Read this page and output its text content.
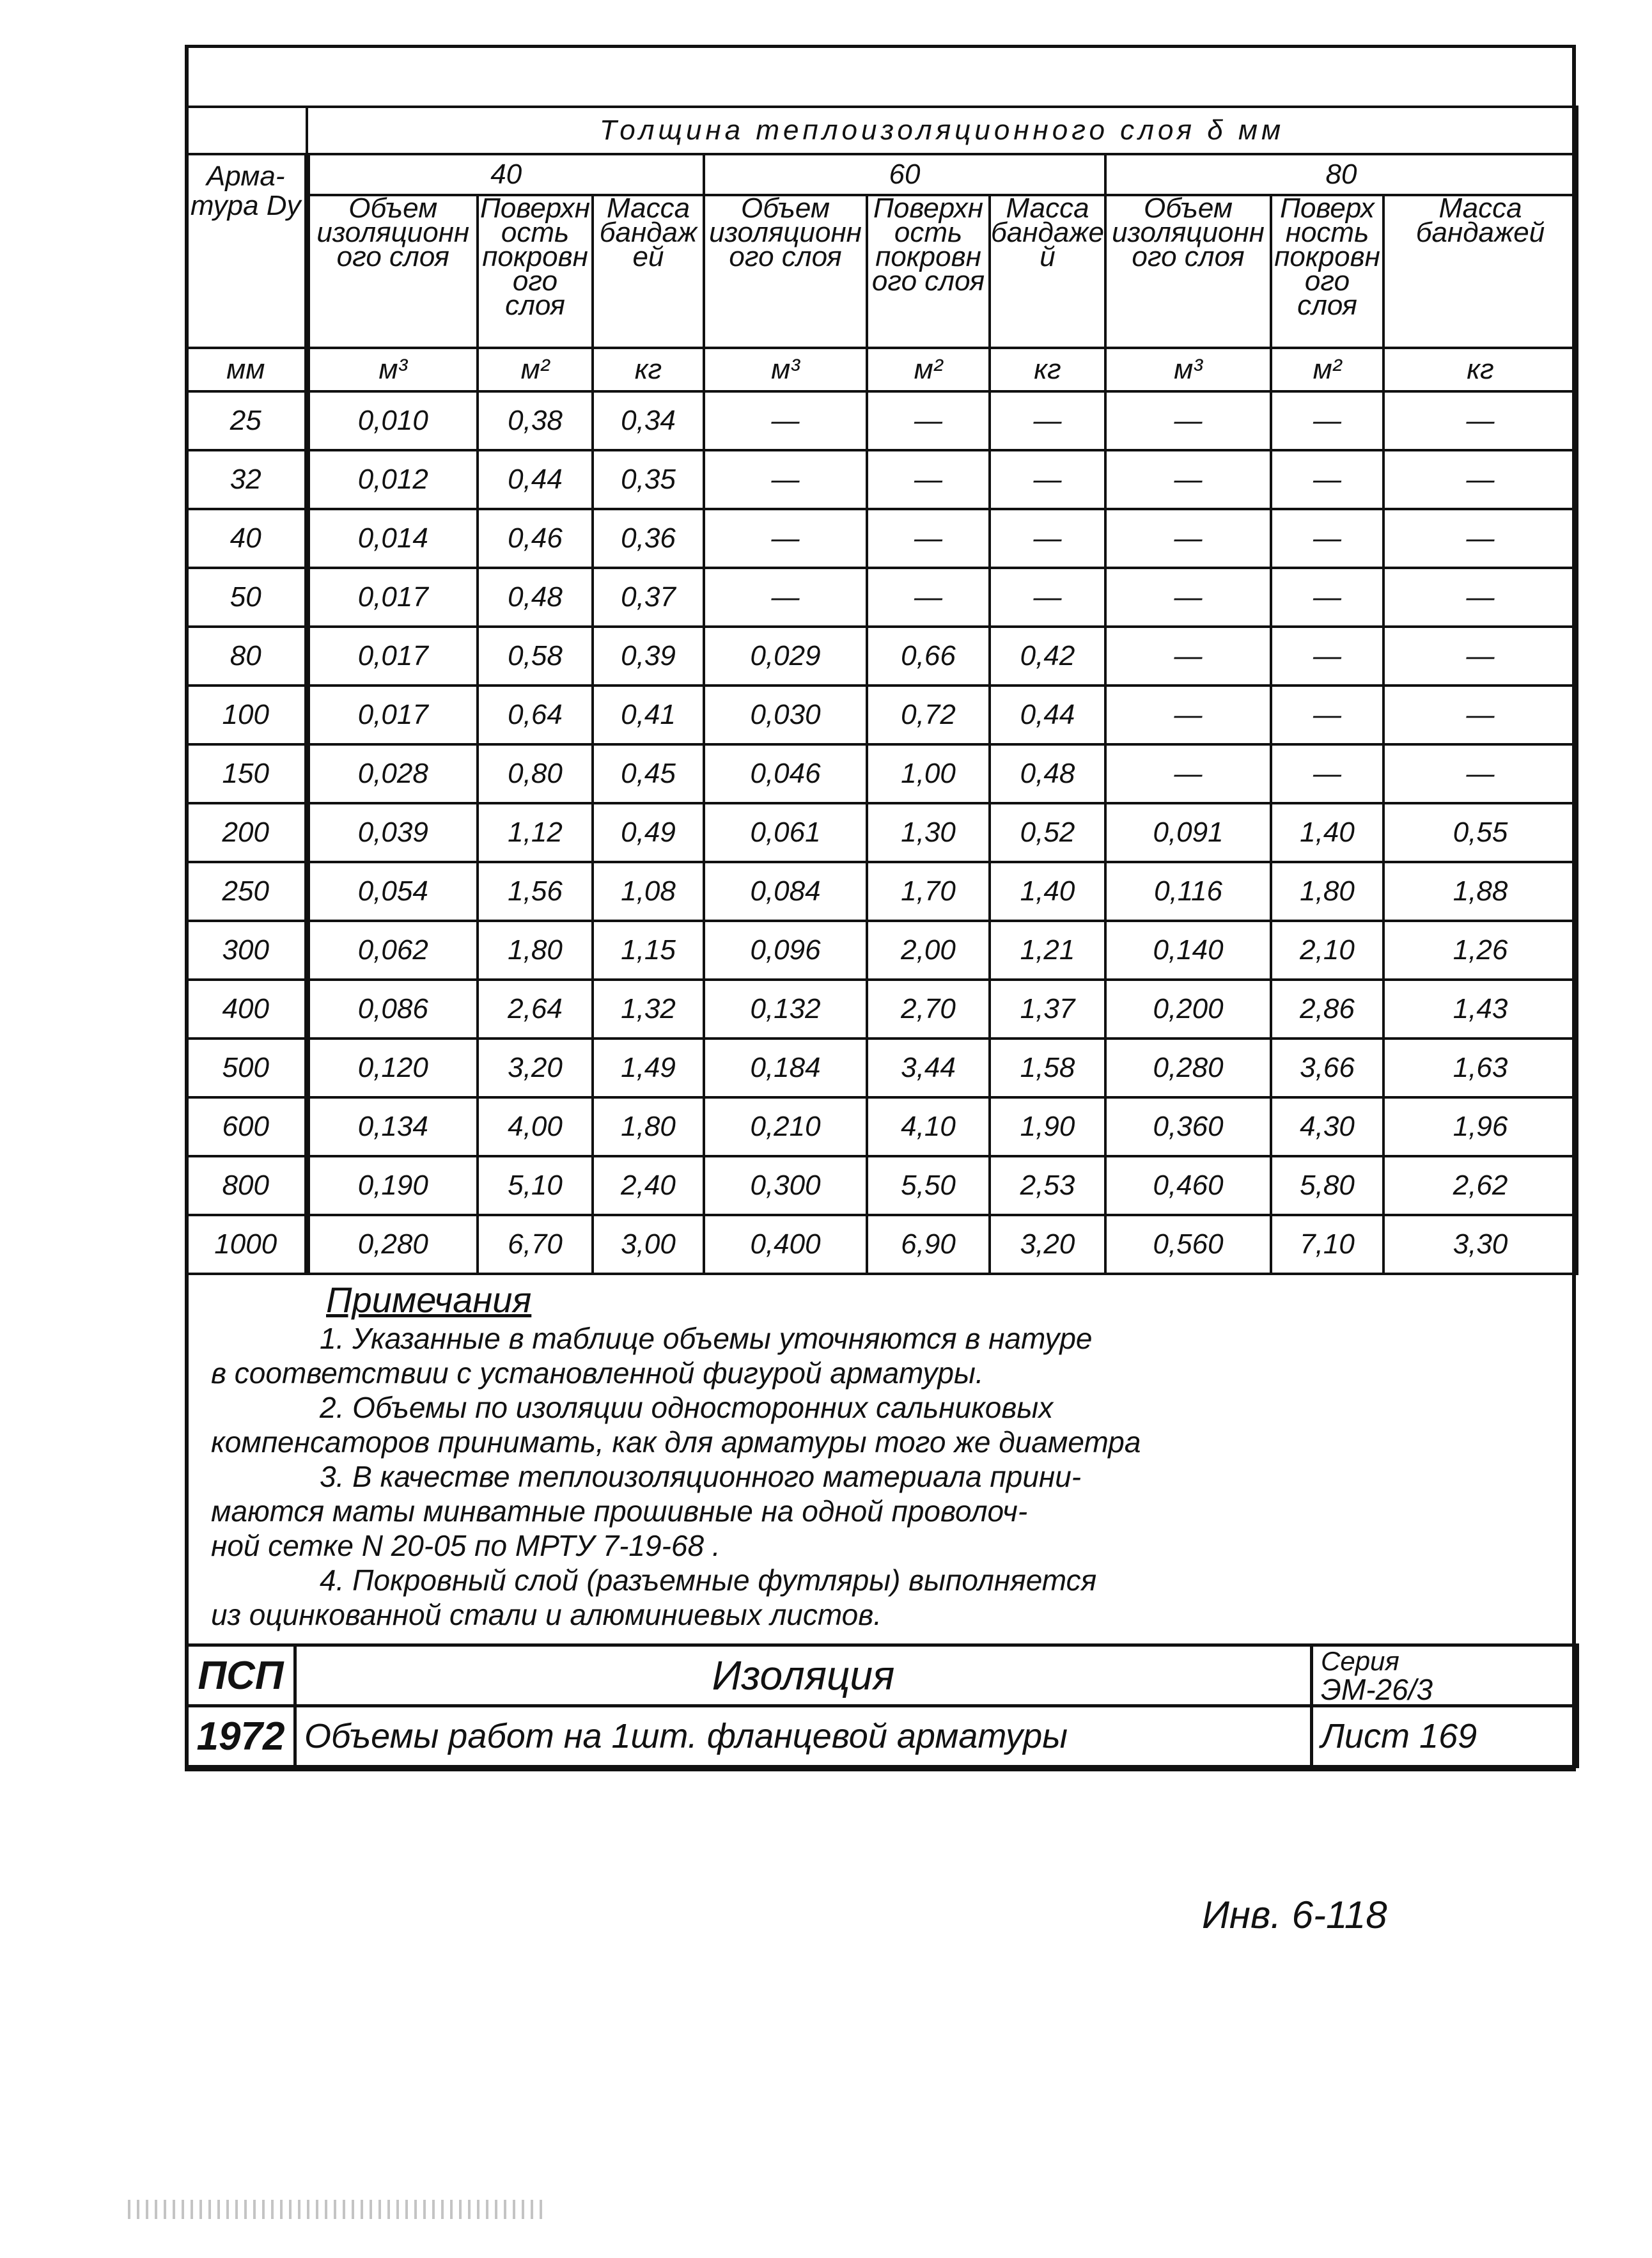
	Толщина теплоизоляционного слоя δ мм								
Арма-тура Dу	40			60			80		
	Объем изоляционного слоя	Поверхность покровного слоя	Масса бандажей	Объем изоляционного слоя	Поверхность покровного слоя	Масса бандажей	Объем изоляционного слоя	Поверхность покровного слоя	Масса бандажей
мм	м³	м²	кг	м³	м²	кг	м³	м²	кг
25	0,010	0,38	0,34	—	—	—	—	—	—
32	0,012	0,44	0,35	—	—	—	—	—	—
40	0,014	0,46	0,36	—	—	—	—	—	—
50	0,017	0,48	0,37	—	—	—	—	—	—
80	0,017	0,58	0,39	0,029	0,66	0,42	—	—	—
100	0,017	0,64	0,41	0,030	0,72	0,44	—	—	—
150	0,028	0,80	0,45	0,046	1,00	0,48	—	—	—
200	0,039	1,12	0,49	0,061	1,30	0,52	0,091	1,40	0,55
250	0,054	1,56	1,08	0,084	1,70	1,40	0,116	1,80	1,88
300	0,062	1,80	1,15	0,096	2,00	1,21	0,140	2,10	1,26
400	0,086	2,64	1,32	0,132	2,70	1,37	0,200	2,86	1,43
500	0,120	3,20	1,49	0,184	3,44	1,58	0,280	3,66	1,63
600	0,134	4,00	1,80	0,210	4,10	1,90	0,360	4,30	1,96
800	0,190	5,10	2,40	0,300	5,50	2,53	0,460	5,80	2,62
1000	0,280	6,70	3,00	0,400	6,90	3,20	0,560	7,10	3,30

Примечания

1. Указанные в таблице объемы уточняются в натуре

в соответствии с установленной фигурой арматуры.

2. Объемы по изоляции односторонних сальниковых

компенсаторов принимать, как для арматуры того же диаметра

3. В качестве теплоизоляционного материала прини-

маются маты минватные прошивные на одной проволоч-

ной сетке N 20-05 по МРТУ 7-19-68 .

4. Покровный слой (разъемные футляры) выполняется

из оцинкованной стали и алюминиевых листов.

ПСП	Изоляция	Серия
ЭМ-26/3

1972	Объемы работ на 1шт. фланцевой арматуры	Лист 169
Инв. 6-118
